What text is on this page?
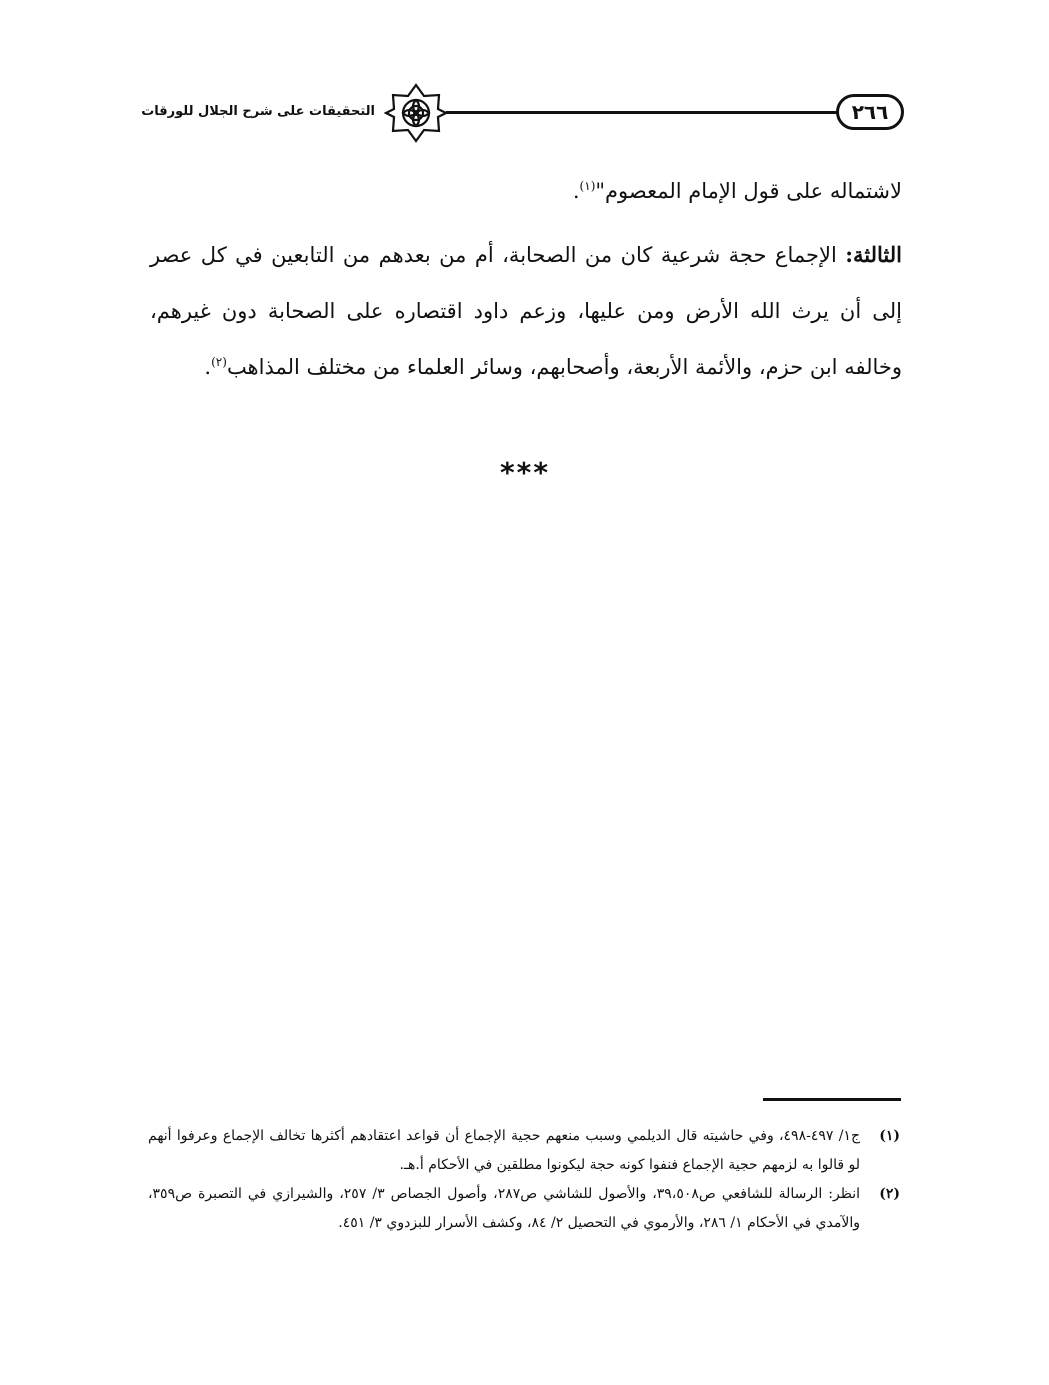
٢٦٦
التحقيقات على شرح الجلال للورقات

لاشتماله على قول الإمام المعصوم"$^{(١)}$.

الثالثة: الإجماع حجة شرعية كان من الصحابة، أم من بعدهم من التابعين في كل عصر إلى أن يرث الله الأرض ومن عليها، وزعم داود اقتصاره على الصحابة دون غيرهم، وخالفه ابن حزم، والأئمة الأربعة، وأصحابهم، وسائر العلماء من مختلف المذاهب$^{(٢)}$.

***
(١)
ج١/ ٤٩٧-٤٩٨، وفي حاشيته قال الديلمي وسبب منعهم حجية الإجماع أن قواعد اعتقادهم أكثرها تخالف الإجماع وعرفوا أنهم لو قالوا به لزمهم حجية الإجماع فنفوا كونه حجة ليكونوا مطلقين في الأحكام أ.هـ.
(٢)
انظر: الرسالة للشافعي ص٣٩،٥٠٨، والأصول للشاشي ص٢٨٧، وأصول الجصاص ٣/ ٢٥٧، والشيرازي في التصبرة ص٣٥٩، والآمدي في الأحكام ١/ ٢٨٦، والأرموي في التحصيل ٢/ ٨٤، وكشف الأسرار للبزدوي ٣/ ٤٥١.
